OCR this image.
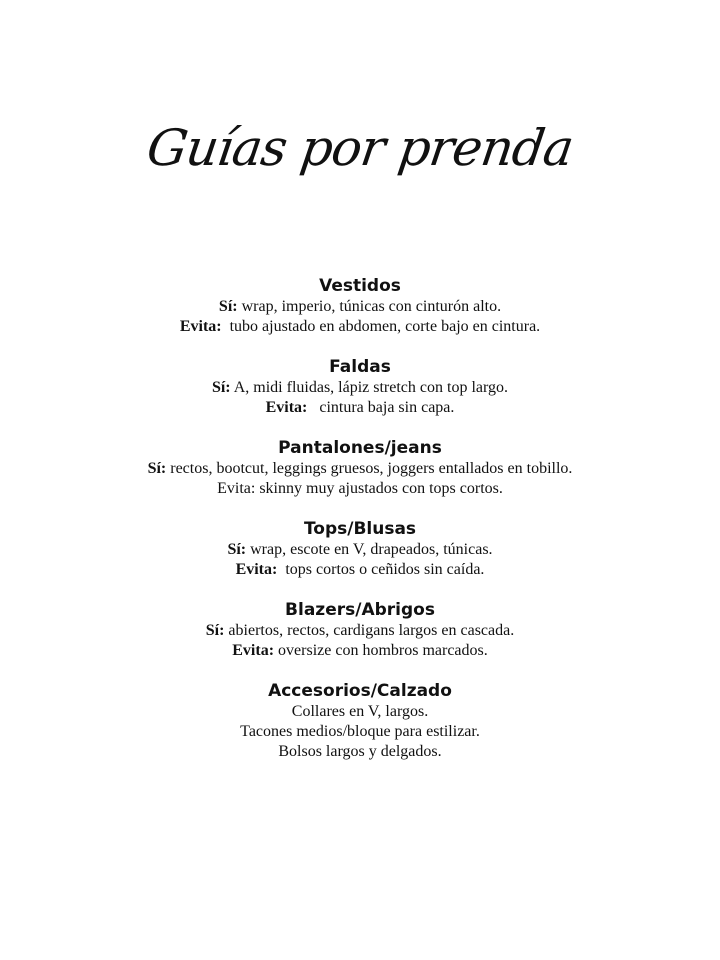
Guías por prenda
Vestidos
Sí: wrap, imperio, túnicas con cinturón alto.
Evita:  tubo ajustado en abdomen, corte bajo en cintura.
Faldas
Sí: A, midi fluidas, lápiz stretch con top largo.
Evita:   cintura baja sin capa.
Pantalones/jeans
Sí: rectos, bootcut, leggings gruesos, joggers entallados en tobillo.
Evita: skinny muy ajustados con tops cortos.
Tops/Blusas
Sí: wrap, escote en V, drapeados, túnicas.
Evita:  tops cortos o ceñidos sin caída.
Blazers/Abrigos
Sí: abiertos, rectos, cardigans largos en cascada.
Evita: oversize con hombros marcados.
Accesorios/Calzado
Collares en V, largos.
Tacones medios/bloque para estilizar.
Bolsos largos y delgados.
